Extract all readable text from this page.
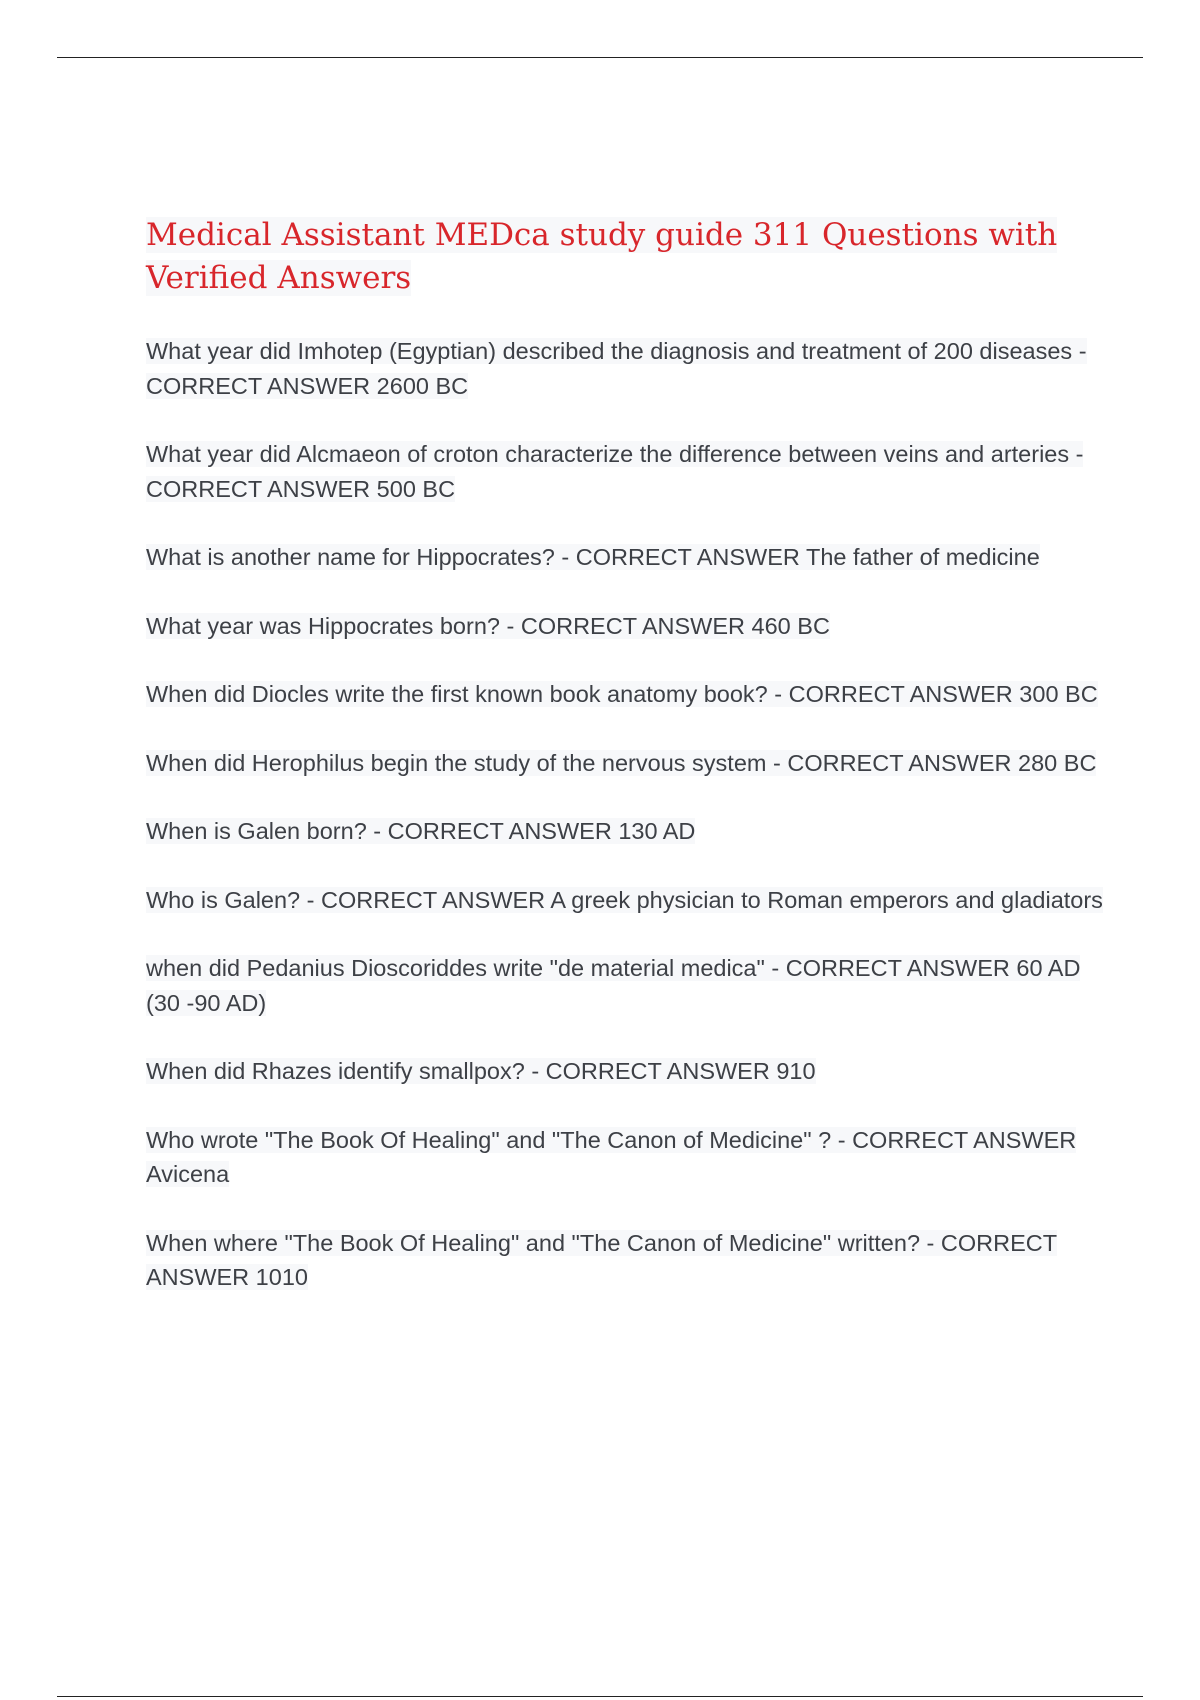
Medical Assistant MEDca study guide 311 Questions with Verified Answers

What year did Imhotep (Egyptian) described the diagnosis and treatment of 200 diseases - CORRECT ANSWER 2600 BC

What year did Alcmaeon of croton characterize the difference between veins and arteries - CORRECT ANSWER 500 BC

What is another name for Hippocrates? - CORRECT ANSWER The father of medicine

What year was Hippocrates born? - CORRECT ANSWER 460 BC

When did Diocles write the first known book anatomy book? - CORRECT ANSWER 300 BC

When did Herophilus begin the study of the nervous system - CORRECT ANSWER 280 BC

When is Galen born? - CORRECT ANSWER 130 AD

Who is Galen? - CORRECT ANSWER A greek physician to Roman emperors and gladiators

when did Pedanius Dioscoriddes write "de material medica" - CORRECT ANSWER 60 AD (30 -90 AD)

When did Rhazes identify smallpox? - CORRECT ANSWER 910

Who wrote "The Book Of Healing" and "The Canon of Medicine" ? - CORRECT ANSWER Avicena

When where "The Book Of Healing" and "The Canon of Medicine" written? - CORRECT ANSWER 1010
